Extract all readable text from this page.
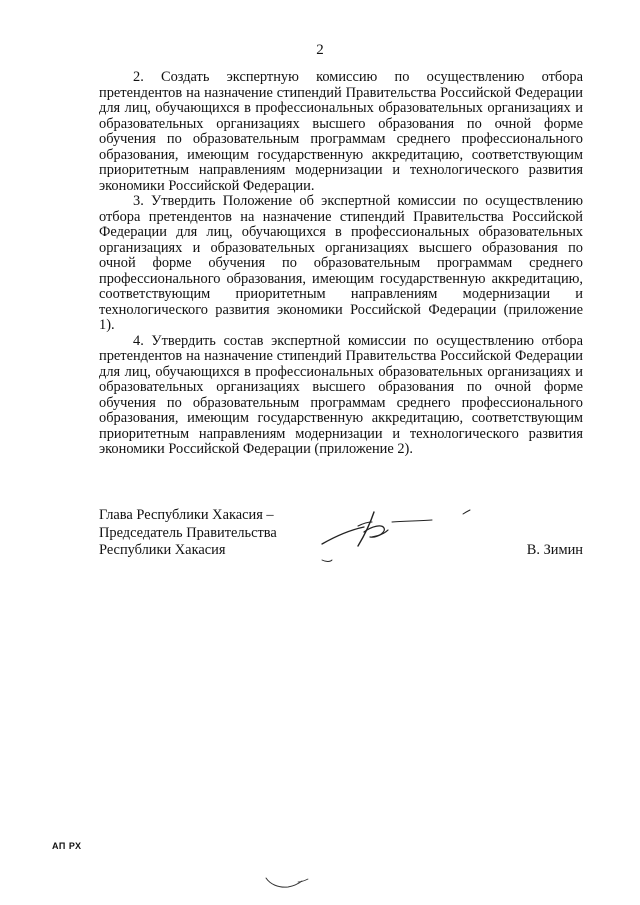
2

2. Создать экспертную комиссию по осуществлению отбора претендентов на назначение стипендий Правительства Российской Федерации для лиц, обучающихся в профессиональных образовательных организациях и образовательных организациях высшего образования по очной форме обучения по образовательным программам среднего профессионального образования, имеющим государственную аккредитацию, соответствующим приоритетным направлениям модернизации и технологического развития экономики Российской Федерации.

3. Утвердить Положение об экспертной комиссии по осуществлению отбора претендентов на назначение стипендий Правительства Российской Федерации для лиц, обучающихся в профессиональных образовательных организациях и образовательных организациях высшего образования по очной форме обучения по образовательным программам среднего профессионального образования, имеющим государственную аккредитацию, соответствующим приоритетным направлениям модернизации и технологического развития экономики Российской Федерации (приложение 1).

4. Утвердить состав экспертной комиссии по осуществлению отбора претендентов на назначение стипендий Правительства Российской Федерации для лиц, обучающихся в профессиональных образовательных организациях и образовательных организациях высшего образования по очной форме обучения по образовательным программам среднего профессионального образования, имеющим государственную аккредитацию, соответствующим приоритетным направлениям модернизации и технологического развития экономики Российской Федерации (приложение 2).

Глава Республики Хакасия –
Председатель Правительства
Республики Хакасия	В. Зимин
АП РХ
